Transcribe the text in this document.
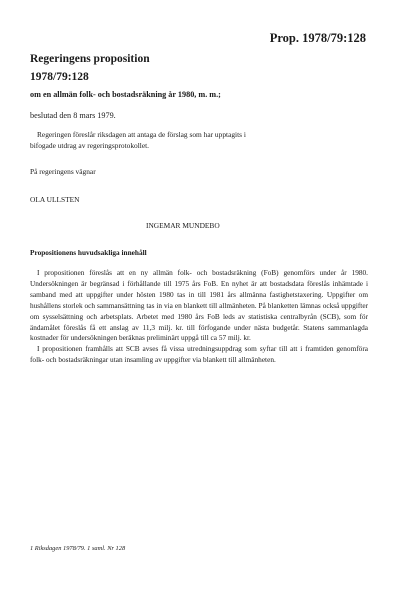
Prop. 1978/79:128
Regeringens proposition
1978/79:128
om en allmän folk- och bostadsräkning år 1980, m. m.;
beslutad den 8 mars 1979.
Regeringen föreslår riksdagen att antaga de förslag som har upptagits i
bifogade utdrag av regeringsprotokollet.
På regeringens vägnar
OLA ULLSTEN
INGEMAR MUNDEBO
Propositionens huvudsakliga innehåll

I propositionen föreslås att en ny allmän folk- och bostadsräkning (FoB) genomförs under år 1980. Undersökningen är begränsad i förhållande till 1975 års FoB. En nyhet är att bostadsdata föreslås inhämtade i samband med att uppgifter under hösten 1980 tas in till 1981 års allmänna fastighetstaxering. Uppgifter om hushållens storlek och sammansättning tas in via en blankett till allmänheten. På blanketten lämnas också uppgifter om sysselsättning och arbetsplats. Arbetet med 1980 års FoB leds av statistiska centralbyrån (SCB), som för ändamålet föreslås få ett anslag av 11,3 milj. kr. till förfogande under nästa budgetår. Statens sammanlagda kostnader för undersökningen beräknas preliminärt uppgå till ca 57 milj. kr.

I propositionen framhålls att SCB avses få vissa utredningsuppdrag som syftar till att i framtiden genomföra folk- och bostadsräkningar utan insamling av uppgifter via blankett till allmänheten.

1 Riksdagen 1978/79. 1 saml. Nr 128
